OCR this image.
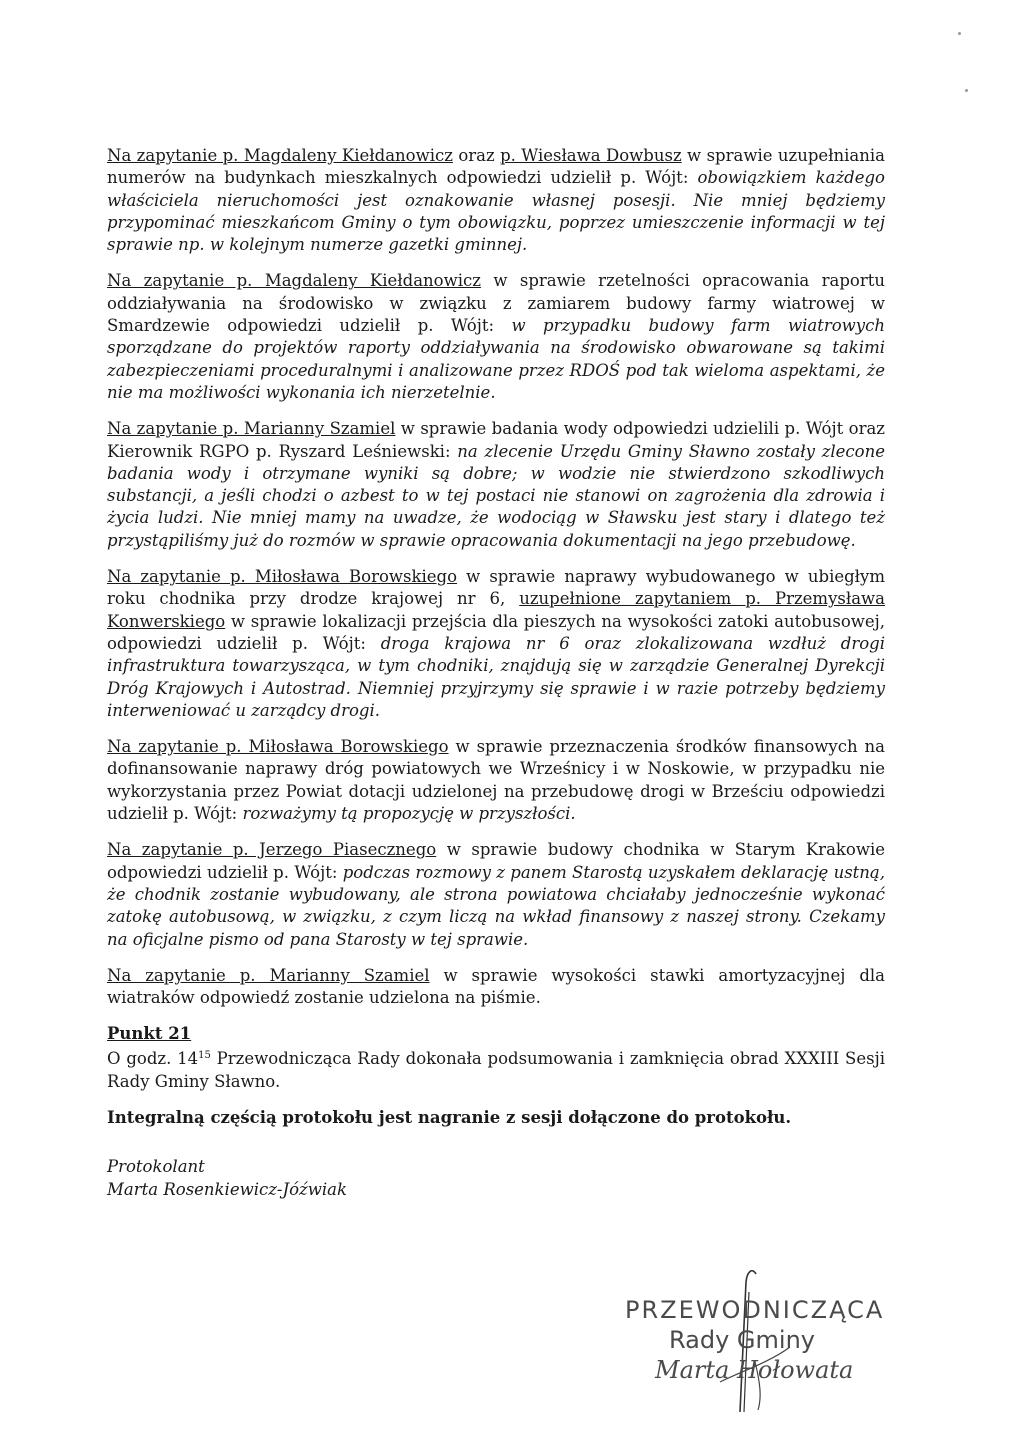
Na zapytanie p. Magdaleny Kiełdanowicz oraz p. Wiesława Dowbusz w sprawie uzupełniania numerów na budynkach mieszkalnych odpowiedzi udzielił p. Wójt: obowiązkiem każdego właściciela nieruchomości jest oznakowanie własnej posesji. Nie mniej będziemy przypominać mieszkańcom Gminy o tym obowiązku, poprzez umieszczenie informacji w tej sprawie np. w kolejnym numerze gazetki gminnej.

Na zapytanie p. Magdaleny Kiełdanowicz w sprawie rzetelności opracowania raportu oddziaływania na środowisko w związku z zamiarem budowy farmy wiatrowej w Smardzewie odpowiedzi udzielił p. Wójt: w przypadku budowy farm wiatrowych sporządzane do projektów raporty oddziaływania na środowisko obwarowane są takimi zabezpieczeniami proceduralnymi i analizowane przez RDOŚ pod tak wieloma aspektami, że nie ma możliwości wykonania ich nierzetelnie.

Na zapytanie p. Marianny Szamiel w sprawie badania wody odpowiedzi udzielili p. Wójt oraz Kierownik RGPO p. Ryszard Leśniewski: na zlecenie Urzędu Gminy Sławno zostały zlecone badania wody i otrzymane wyniki są dobre; w wodzie nie stwierdzono szkodliwych substancji, a jeśli chodzi o azbest to w tej postaci nie stanowi on zagrożenia dla zdrowia i życia ludzi. Nie mniej mamy na uwadze, że wodociąg w Sławsku jest stary i dlatego też przystąpiliśmy już do rozmów w sprawie opracowania dokumentacji na jego przebudowę.

Na zapytanie p. Miłosława Borowskiego w sprawie naprawy wybudowanego w ubiegłym roku chodnika przy drodze krajowej nr 6, uzupełnione zapytaniem p. Przemysława Konwerskiego w sprawie lokalizacji przejścia dla pieszych na wysokości zatoki autobusowej, odpowiedzi udzielił p. Wójt: droga krajowa nr 6 oraz zlokalizowana wzdłuż drogi infrastruktura towarzysząca, w tym chodniki, znajdują się w zarządzie Generalnej Dyrekcji Dróg Krajowych i Autostrad. Niemniej przyjrzymy się sprawie i w razie potrzeby będziemy interweniować u zarządcy drogi.

Na zapytanie p. Miłosława Borowskiego w sprawie przeznaczenia środków finansowych na dofinansowanie naprawy dróg powiatowych we Wrześnicy i w Noskowie, w przypadku nie wykorzystania przez Powiat dotacji udzielonej na przebudowę drogi w Brześciu odpowiedzi udzielił p. Wójt: rozważymy tą propozycję w przyszłości.

Na zapytanie p. Jerzego Piasecznego w sprawie budowy chodnika w Starym Krakowie odpowiedzi udzielił p. Wójt: podczas rozmowy z panem Starostą uzyskałem deklarację ustną, że chodnik zostanie wybudowany, ale strona powiatowa chciałaby jednocześnie wykonać zatokę autobusową, w związku, z czym liczą na wkład finansowy z naszej strony. Czekamy na oficjalne pismo od pana Starosty w tej sprawie.

Na zapytanie p. Marianny Szamiel w sprawie wysokości stawki amortyzacyjnej dla wiatraków odpowiedź zostanie udzielona na piśmie.

Punkt 21

O godz. $14^{15}$ Przewodnicząca Rady dokonała podsumowania i zamknięcia obrad XXXIII Sesji Rady Gminy Sławno.

Integralną częścią protokołu jest nagranie z sesji dołączone do protokołu.

Protokolant
Marta Rosenkiewicz-Jóźwiak
PRZEWODNICZĄCA
Rady Gminy
Marta Hołowata
